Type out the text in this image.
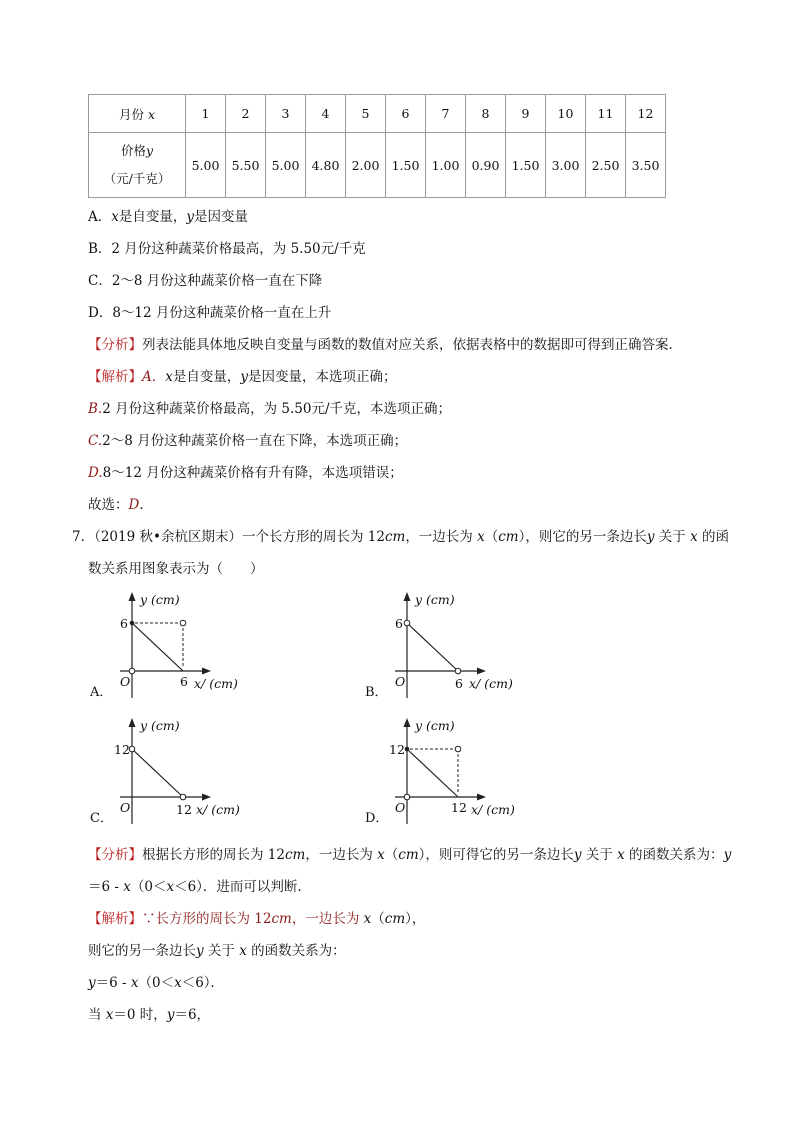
月份 x	1	2	3	4	5	6	7	8	9	10	11	12

价格y
（元/千克）	5.00	5.50	5.00	4.80	2.00	1.50	1.00	0.90	1.50	3.00	2.50	3.50
A．x是自变量，y是因变量
B．2 月份这种蔬菜价格最高，为 5.50元/千克
C．2～8 月份这种蔬菜价格一直在下降
D．8～12 月份这种蔬菜价格一直在上升
【分析】列表法能具体地反映自变量与函数的数值对应关系，依据表格中的数据即可得到正确答案．
【解析】A．x是自变量，y是因变量，本选项正确；
B.2 月份这种蔬菜价格最高，为 5.50元/千克，本选项正确；
C.2～8 月份这种蔬菜价格一直在下降，本选项正确；
D.8～12 月份这种蔬菜价格有升有降，本选项错误；
故选：D．
7．（2019 秋•余杭区期末）一个长方形的周长为 12cm，一边长为 x（cm），则它的另一条边长y 关于 x 的函
数关系用图象表示为（　　）
A．
y (cm)
x/ (cm)
O	6
6
B．
y (cm)
x/ (cm)
O	6
6
C．
y (cm)
x/ (cm)
O	12
12
D．
y (cm)
x/ (cm)
O	12
12
【分析】根据长方形的周长为 12cm，一边长为 x（cm），则可得它的另一条边长y 关于 x 的函数关系为：y
＝6 - x（0＜x＜6）．进而可以判断．
【解析】∵长方形的周长为 12cm，一边长为 x（cm），
则它的另一条边长y 关于 x 的函数关系为：
y＝6 - x（0＜x＜6）．
当 x＝0 时，y＝6，
